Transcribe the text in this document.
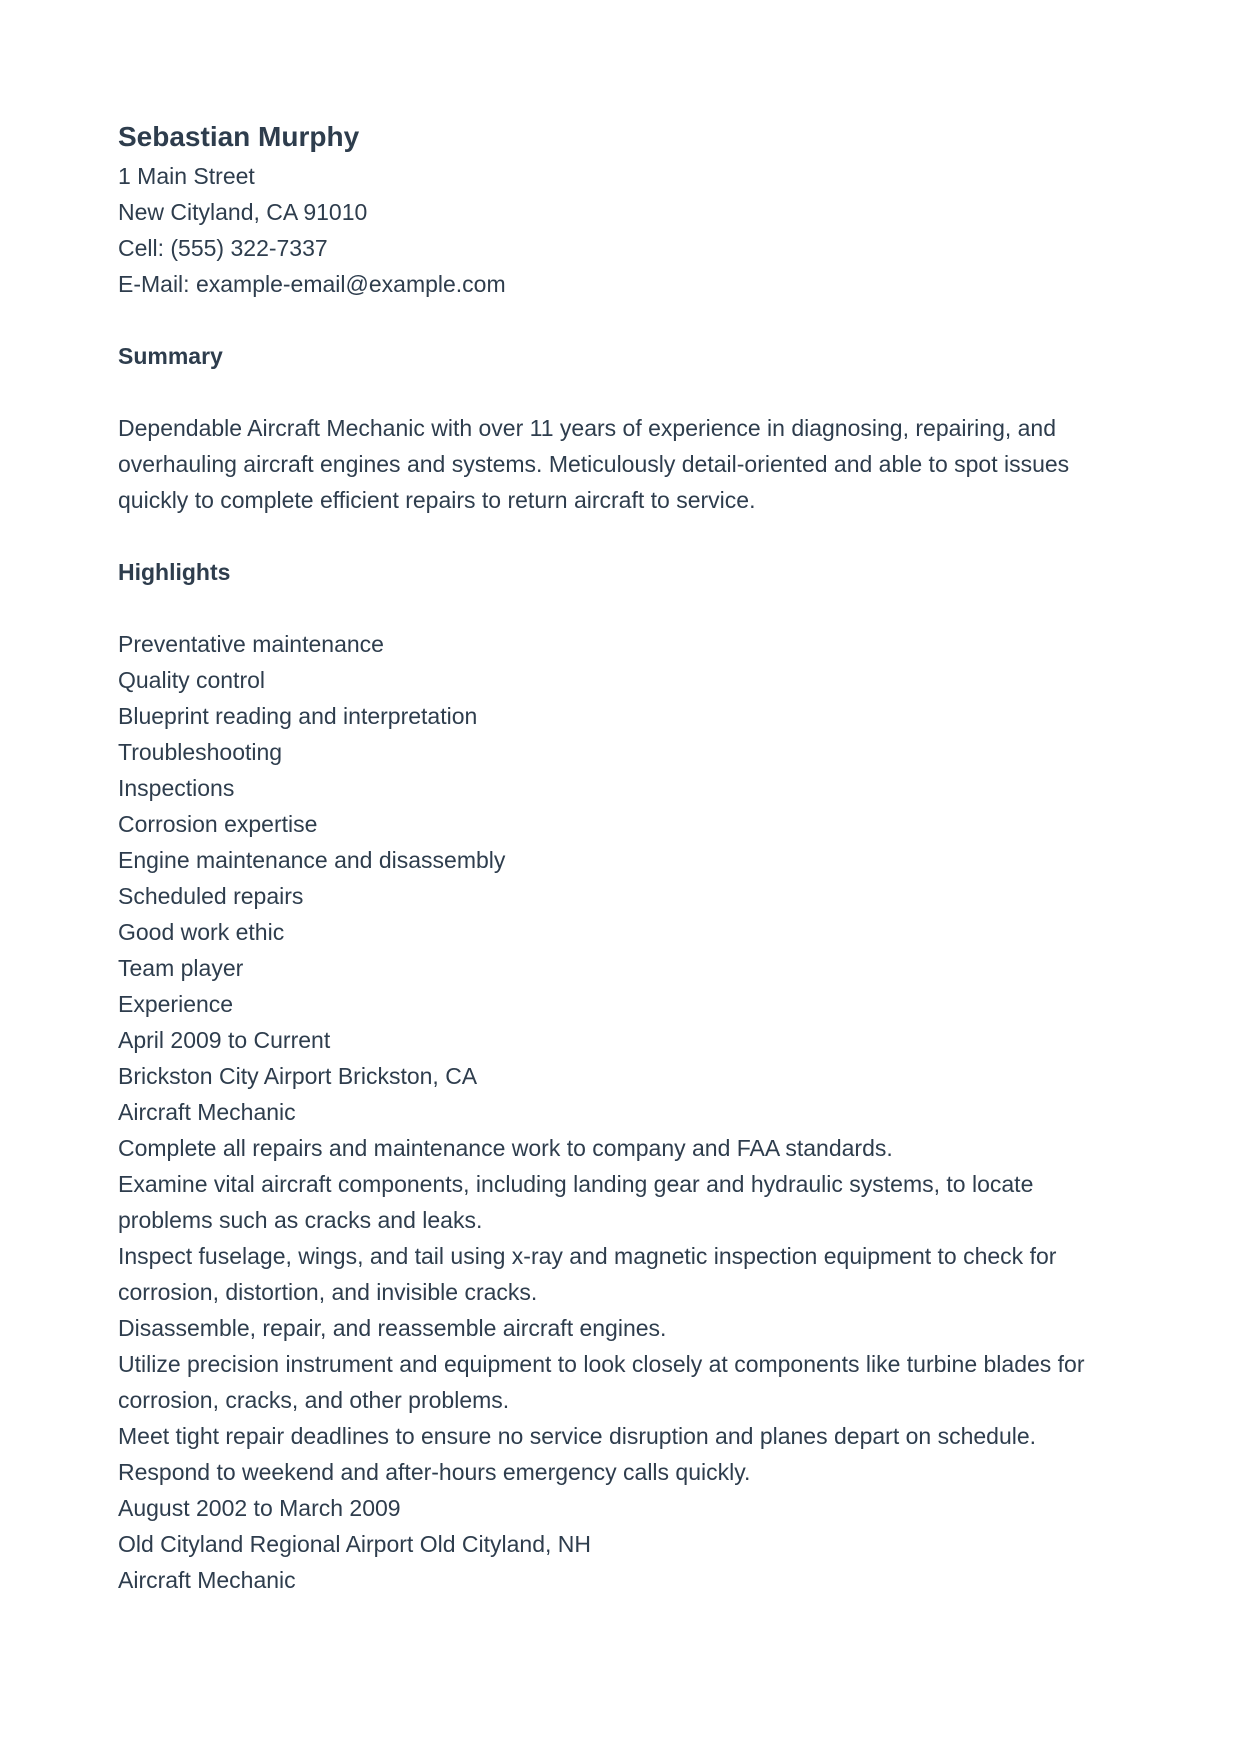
Sebastian Murphy
1 Main Street
New Cityland, CA 91010
Cell: (555) 322-7337
E-Mail: example-email@example.com
Summary
Dependable Aircraft Mechanic with over 11 years of experience in diagnosing, repairing, and overhauling aircraft engines and systems. Meticulously detail-oriented and able to spot issues quickly to complete efficient repairs to return aircraft to service.
Highlights
Preventative maintenance
Quality control
Blueprint reading and interpretation
Troubleshooting
Inspections
Corrosion expertise
Engine maintenance and disassembly
Scheduled repairs
Good work ethic
Team player
Experience
April 2009 to Current
Brickston City Airport Brickston, CA
Aircraft Mechanic
Complete all repairs and maintenance work to company and FAA standards.
Examine vital aircraft components, including landing gear and hydraulic systems, to locate problems such as cracks and leaks.
Inspect fuselage, wings, and tail using x-ray and magnetic inspection equipment to check for corrosion, distortion, and invisible cracks.
Disassemble, repair, and reassemble aircraft engines.
Utilize precision instrument and equipment to look closely at components like turbine blades for corrosion, cracks, and other problems.
Meet tight repair deadlines to ensure no service disruption and planes depart on schedule.
Respond to weekend and after-hours emergency calls quickly.
August 2002 to March 2009
Old Cityland Regional Airport Old Cityland, NH
Aircraft Mechanic
